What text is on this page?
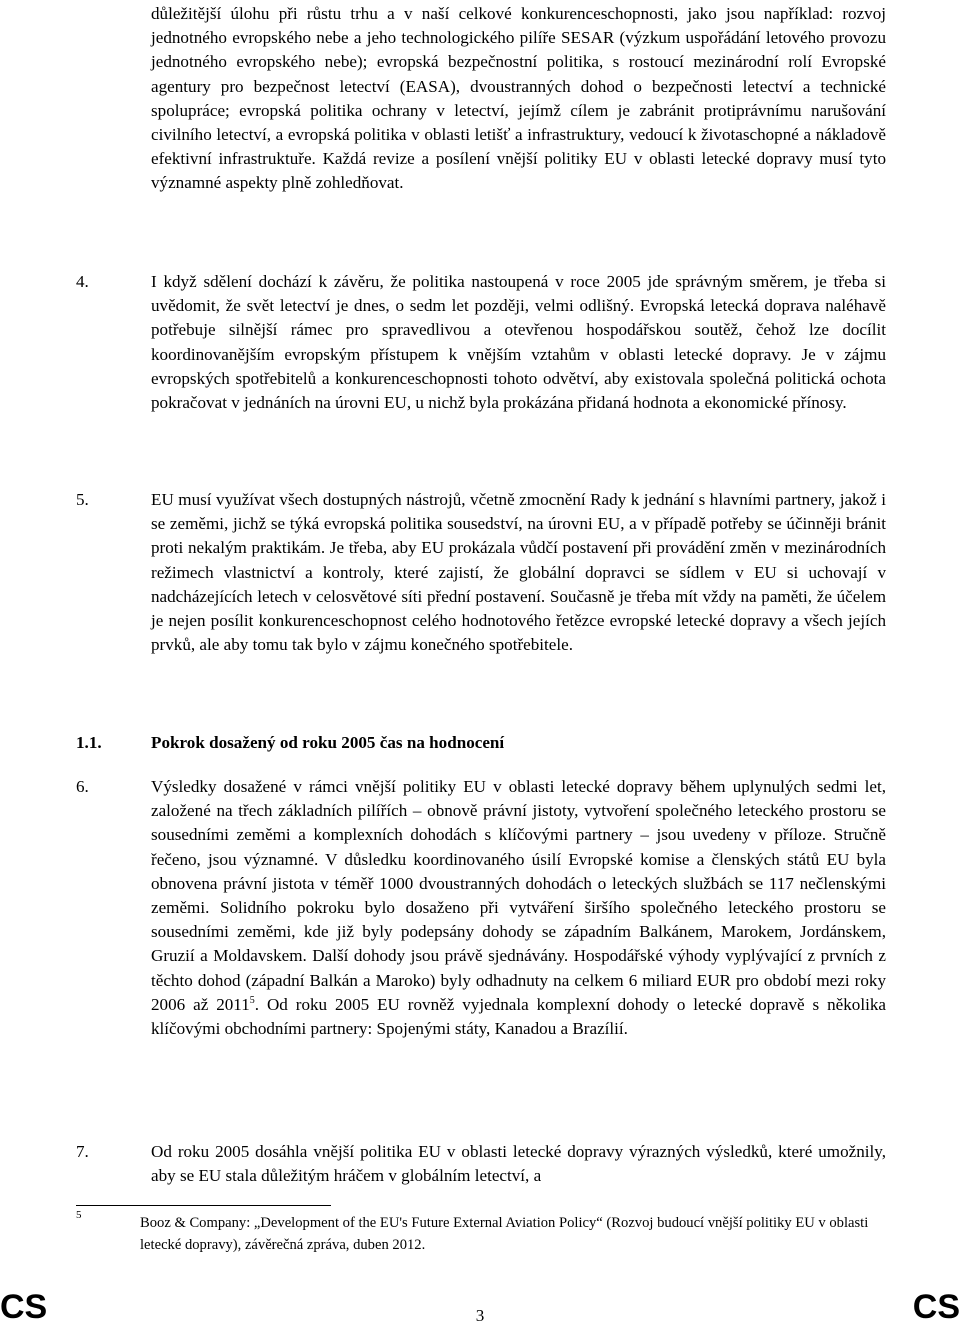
důležitější úlohu při růstu trhu a v naší celkové konkurenceschopnosti, jako jsou například: rozvoj jednotného evropského nebe a jeho technologického pilíře SESAR (výzkum uspořádání letového provozu jednotného evropského nebe); evropská bezpečnostní politika, s rostoucí mezinárodní rolí Evropské agentury pro bezpečnost letectví (EASA), dvoustranných dohod o bezpečnosti letectví a technické spolupráce; evropská politika ochrany v letectví, jejímž cílem je zabránit protiprávnímu narušování civilního letectví, a evropská politika v oblasti letišť a infrastruktury, vedoucí k životaschopné a nákladově efektivní infrastruktuře. Každá revize a posílení vnější politiky EU v oblasti letecké dopravy musí tyto významné aspekty plně zohledňovat.
4.	I když sdělení dochází k závěru, že politika nastoupená v roce 2005 jde správným směrem, je třeba si uvědomit, že svět letectví je dnes, o sedm let později, velmi odlišný. Evropská letecká doprava naléhavě potřebuje silnější rámec pro spravedlivou a otevřenou hospodářskou soutěž, čehož lze docílit koordinovanějším evropským přístupem k vnějším vztahům v oblasti letecké dopravy. Je v zájmu evropských spotřebitelů a konkurenceschopnosti tohoto odvětví, aby existovala společná politická ochota pokračovat v jednáních na úrovni EU, u nichž byla prokázána přidaná hodnota a ekonomické přínosy.
5.	EU musí využívat všech dostupných nástrojů, včetně zmocnění Rady k jednání s hlavními partnery, jakož i se zeměmi, jichž se týká evropská politika sousedství, na úrovni EU, a v případě potřeby se účinněji bránit proti nekalým praktikám. Je třeba, aby EU prokázala vůdčí postavení při provádění změn v mezinárodních režimech vlastnictví a kontroly, které zajistí, že globální dopravci se sídlem v EU si uchovají v nadcházejících letech v celosvětové síti přední postavení. Současně je třeba mít vždy na paměti, že účelem je nejen posílit konkurenceschopnost celého hodnotového řetězce evropské letecké dopravy a všech jejích prvků, ale aby tomu tak bylo v zájmu konečného spotřebitele.
1.1.	Pokrok dosažený od roku 2005 čas na hodnocení
6.	Výsledky dosažené v rámci vnější politiky EU v oblasti letecké dopravy během uplynulých sedmi let, založené na třech základních pilířích – obnově právní jistoty, vytvoření společného leteckého prostoru se sousedními zeměmi a komplexních dohodách s klíčovými partnery – jsou uvedeny v příloze. Stručně řečeno, jsou významné. V důsledku koordinovaného úsilí Evropské komise a členských států EU byla obnovena právní jistota v téměř 1000 dvoustranných dohodách o leteckých službách se 117 nečlenskými zeměmi. Solidního pokroku bylo dosaženo při vytváření širšího společného leteckého prostoru se sousedními zeměmi, kde již byly podepsány dohody se západním Balkánem, Marokem, Jordánskem, Gruzií a Moldavskem. Další dohody jsou právě sjednávány. Hospodářské výhody vyplývající z prvních z těchto dohod (západní Balkán a Maroko) byly odhadnuty na celkem 6 miliard EUR pro období mezi roky 2006 až 2011$^5$. Od roku 2005 EU rovněž vyjednala komplexní dohody o letecké dopravě s několika klíčovými obchodními partnery: Spojenými státy, Kanadou a Brazílií.
7.	Od roku 2005 dosáhla vnější politika EU v oblasti letecké dopravy výrazných výsledků, které umožnily, aby se EU stala důležitým hráčem v globálním letectví, a
5	Booz & Company: „Development of the EU's Future External Aviation Policy“ (Rozvoj budoucí vnější politiky EU v oblasti letecké dopravy), závěrečná zpráva, duben 2012.
CS	3	CS
